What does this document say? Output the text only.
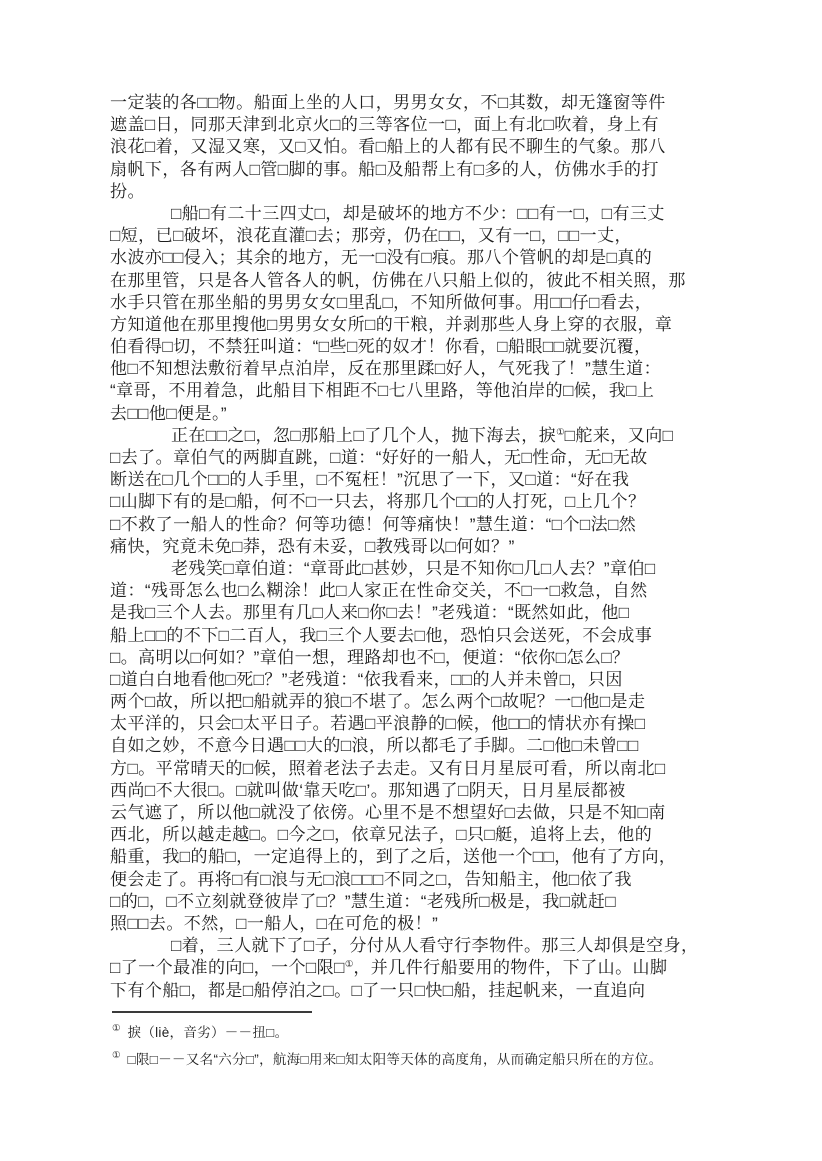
一定装的各□□物。船面上坐的人口，男男女女，不□其数，却无篷窗等件
遮盖□日，同那天津到北京火□的三等客位一□，面上有北□吹着，身上有
浪花□着，又湿又寒，又□又怕。看□船上的人都有民不聊生的气象。那八
扇帆下，各有两人□管□脚的事。船□及船帮上有□多的人，仿佛水手的打
扮。
□船□有二十三四丈□，却是破坏的地方不少：□□有一□，□有三丈
□短，已□破坏，浪花直灌□去；那旁，仍在□□，又有一□，□□一丈，
水波亦□□侵入；其余的地方，无一□没有□痕。那八个管帆的却是□真的
在那里管，只是各人管各人的帆，仿佛在八只船上似的，彼此不相关照，那
水手只管在那坐船的男男女女□里乱□，不知所做何事。用□□仔□看去，
方知道他在那里搜他□男男女女所□的干粮，并剥那些人身上穿的衣服，章
伯看得□切，不禁狂叫道：“□些□死的奴才！你看，□船眼□□就要沉覆，
他□不知想法敷衍着早点泊岸，反在那里蹂□好人，气死我了！”慧生道：
“章哥，不用着急，此船目下相距不□七八里路，等他泊岸的□候，我□上
去□□他□便是。”
正在□□之□，忽□那船上□了几个人，抛下海去，捩①□舵来，又向□
□去了。章伯气的两脚直跳，□道：“好好的一船人，无□性命，无□无故
断送在□几个□□的人手里，□不冤枉！”沉思了一下，又□道：“好在我
□山脚下有的是□船，何不□一只去，将那几个□□的人打死，□上几个？
□不救了一船人的性命？何等功德！何等痛快！”慧生道：“□个□法□然
痛快，究竟未免□莽，恐有未妥，□教残哥以□何如？”
老残笑□章伯道：“章哥此□甚妙，只是不知你□几□人去？”章伯□
道：“残哥怎么也□么糊涂！此□人家正在性命交关，不□一□救急，自然
是我□三个人去。那里有几□人来□你□去！”老残道：“既然如此，他□
船上□□的不下□二百人，我□三个人要去□他，恐怕只会送死，不会成事
□。高明以□何如？”章伯一想，理路却也不□，便道：“依你□怎么□？
□道白白地看他□死□？”老残道：“依我看来，□□的人并未曾□，只因
两个□故，所以把□船就弄的狼□不堪了。怎么两个□故呢？一□他□是走
太平洋的，只会□太平日子。若遇□平浪静的□候，他□□的情状亦有操□
自如之妙，不意今日遇□□大的□浪，所以都毛了手脚。二□他□未曾□□
方□。平常晴天的□候，照着老法子去走。又有日月星辰可看，所以南北□
西尚□不大很□。□就叫做‘靠天吃□’。那知遇了□阴天，日月星辰都被
云气遮了，所以他□就没了依傍。心里不是不想望好□去做，只是不知□南
西北，所以越走越□。□今之□，依章兄法子，□只□艇，追将上去，他的
船重，我□的船□，一定追得上的，到了之后，送他一个□□，他有了方向，
便会走了。再将□有□浪与无□浪□□□不同之□，告知船主，他□依了我
□的□，□不立刻就登彼岸了□？”慧生道：“老残所□极是，我□就赶□
照□□去。不然，□一船人，□在可危的极！”
□着，三人就下了□子，分付从人看守行李物件。那三人却俱是空身，
□了一个最准的向□，一个□限□①，并几件行船要用的物件，下了山。山脚
下有个船□，都是□船停泊之□。□了一只□快□船，挂起帆来，一直追向
① 捩（liè，音劣）－－扭□。
① □限□－－又名“六分□”，航海□用来□知太阳等天体的高度角，从而确定船只所在的方位。
